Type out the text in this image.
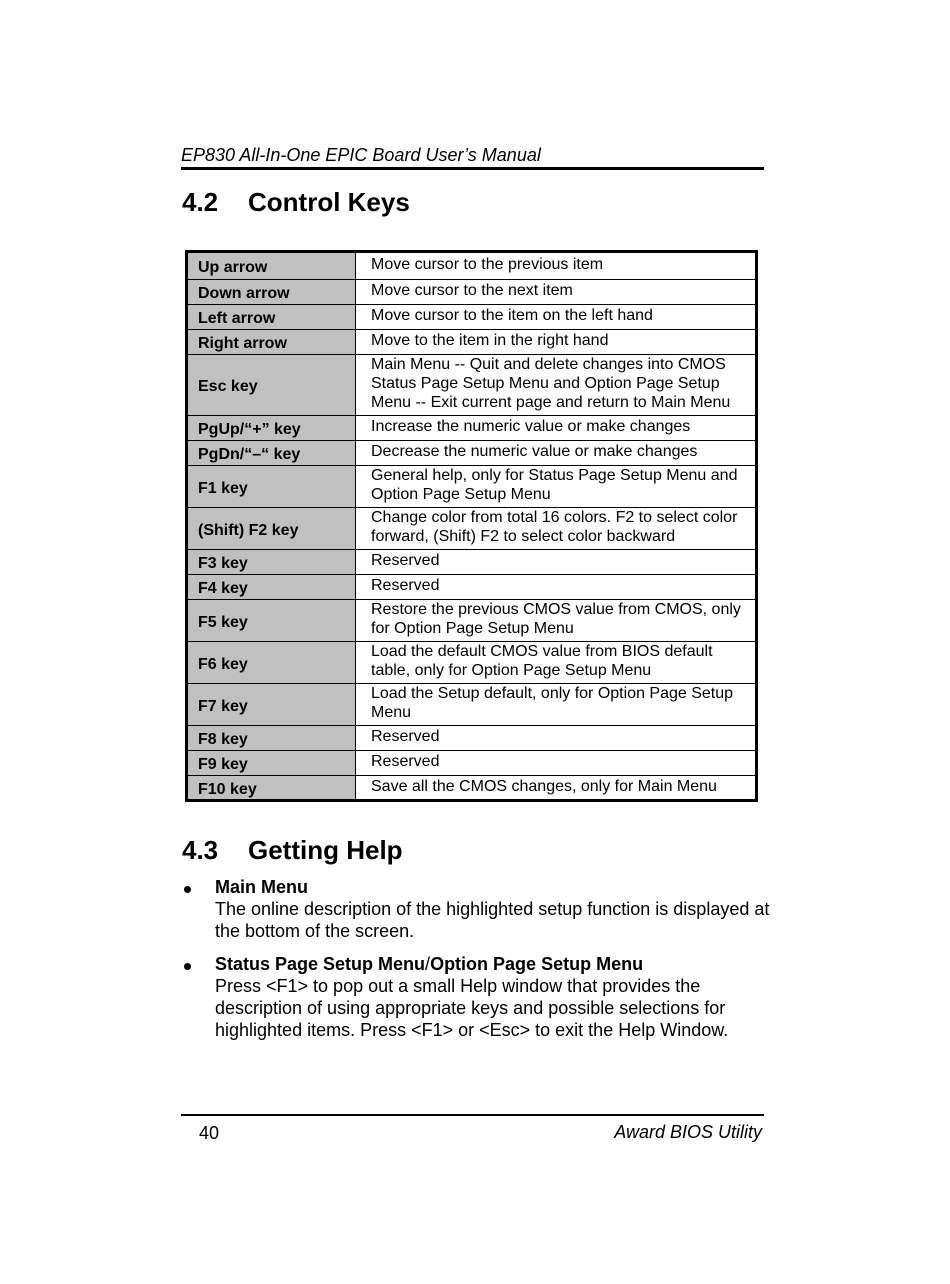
EP830 All-In-One EPIC Board User’s Manual
4.2 Control Keys
Up arrow	Move cursor to the previous item

Down arrow	Move cursor to the next item

Left arrow	Move cursor to the item on the left hand

Right arrow	Move to the item in the right hand

Esc key	Main Menu -- Quit and delete changes into CMOS Status Page Setup Menu and Option Page Setup Menu -- Exit current page and return to Main Menu

PgUp/“+” key	Increase the numeric value or make changes

PgDn/“–“ key	Decrease the numeric value or make changes

F1 key	General help, only for Status Page Setup Menu and Option Page Setup Menu

(Shift) F2 key	Change color from total 16 colors. F2 to select color forward, (Shift) F2 to select color backward

F3 key	Reserved

F4 key	Reserved

F5 key	Restore the previous CMOS value from CMOS, only for Option Page Setup Menu

F6 key	Load the default CMOS value from BIOS default table, only for Option Page Setup Menu

F7 key	Load the Setup default, only for Option Page Setup Menu

F8 key	Reserved

F9 key	Reserved

F10 key	Save all the CMOS changes, only for Main Menu
4.3 Getting Help
Main Menu
The online description of the highlighted setup function is displayed at the bottom of the screen.
Status Page Setup Menu/Option Page Setup Menu
Press <F1> to pop out a small Help window that provides the description of using appropriate keys and possible selections for highlighted items. Press <F1> or <Esc> to exit the Help Window.
40	Award BIOS Utility
